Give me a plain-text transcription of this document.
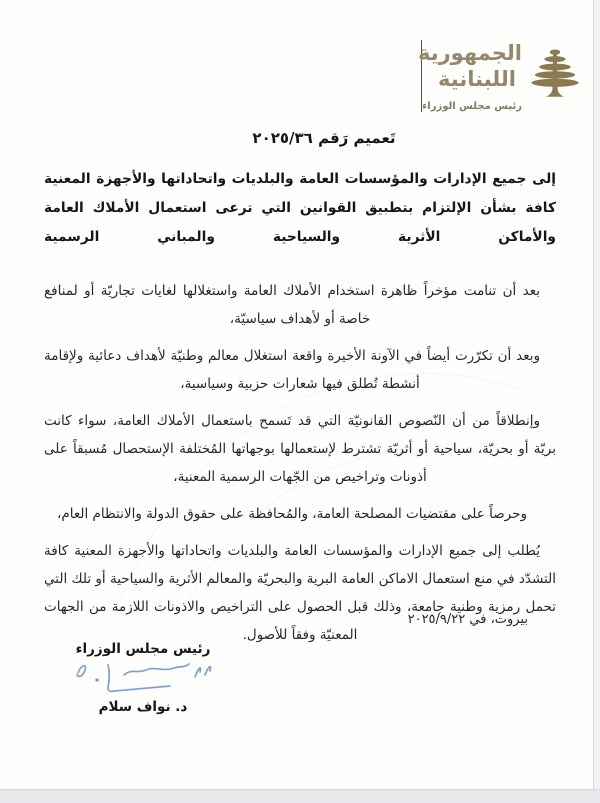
الجمهورية
اللبنانية
رئيس مجلس الوزراء
تَعميم رَقم ٢٠٢٥/٣٦

إلى جميع الإدارات والمؤسسات العامة والبلديات واتحاداتها والأجهزة المعنية كافة بشأن الإلتزام بتطبيق القوانين التي ترعى استعمال الأملاك العامة والأماكن الأثرية والسياحية والمباني الرسمية

بعد أن تنامت مؤخراً ظاهرة استخدام الأملاك العامة واستغلالها لغايات تجاريّة أو لمنافع خاصة أو لأهداف سياسيّة،

وبعد أن تكرّرت أيضاً في الآونة الأخيرة واقعة استغلال معالم وطنيّة لأهداف دعائية ولإقامة أنشطة تُطلق فيها شعارات حزبية وسياسية،

وإنطلاقاً من أن النّصوص القانونيّة التي قد تَسمح باستعمال الأملاك العامة، سواء كانت بريّة أو بحريّة، سياحية أو أثريّة تشترط لإستعمالها بوجهاتها المُختلفة الإستحصال مُسبقاً على أذونات وتراخيص من الجّهات الرسمية المعنية،

وحرصاً على مقتضيات المصلحة العامة، والمُحافظة على حقوق الدولة والانتظام العام،

يُطلب إلى جميع الإدارات والمؤسسات العامة والبلديات واتحاداتها والأجهزة المعنية كافة التشدّد في منع استعمال الاماكن العامة البرية والبحريّة والمعالم الأثرية والسياحية أو تلك التي تحمل رمزية وطنية جامعة، وذلك قبل الحصول على التراخيص والاذونات اللازمة من الجهات المعنيّة وفقاً للأصول.

بيروت، في ٢٠٢٥/٩/٢٢
رئيس مجلس الوزراء
د. نواف سلام
